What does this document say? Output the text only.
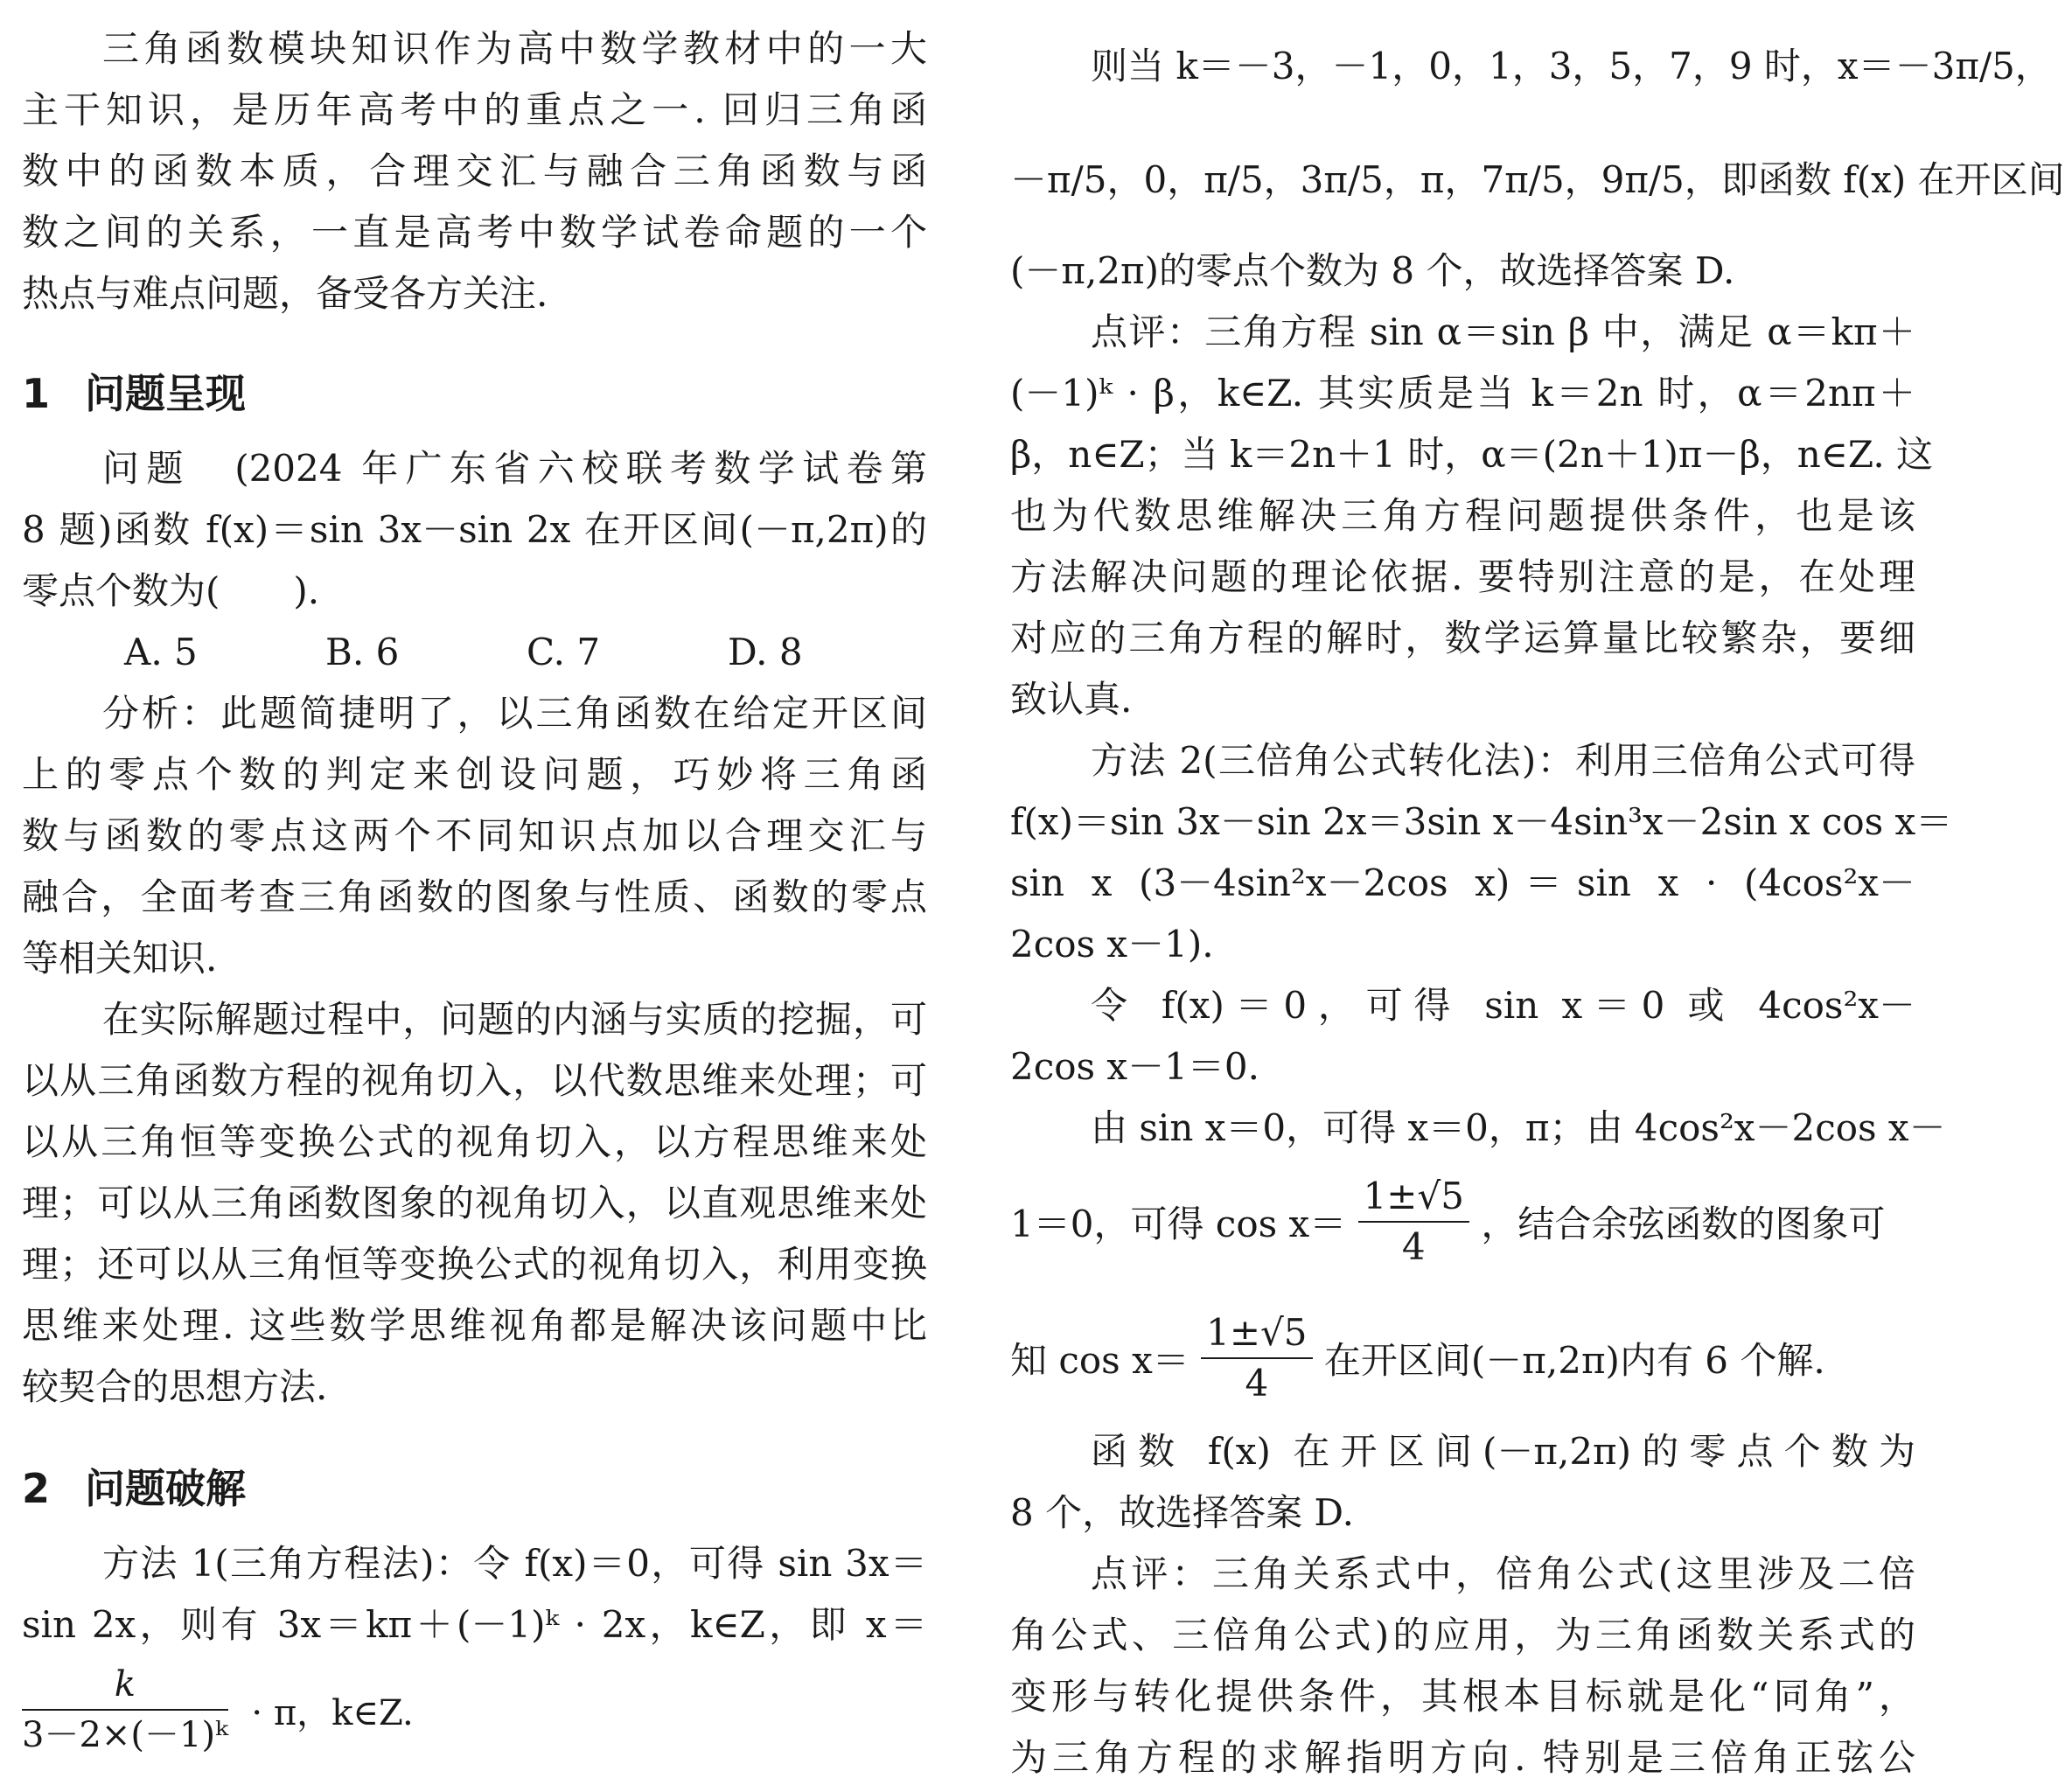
三角函数模块知识作为高中数学教材中的一大
主干知识，是历年高考中的重点之一. 回归三角函
数中的函数本质，合理交汇与融合三角函数与函
数之间的关系，一直是高考中数学试卷命题的一个
热点与难点问题，备受各方关注.
1 问题呈现
问题　(2024 年广东省六校联考数学试卷第
8 题)函数 f(x)＝sin 3x－sin 2x 在开区间(－π,2π)的
零点个数为(　　).
A. 5	B. 6	C. 7	D. 8
分析：此题简捷明了，以三角函数在给定开区间
上的零点个数的判定来创设问题，巧妙将三角函
数与函数的零点这两个不同知识点加以合理交汇与
融合，全面考查三角函数的图象与性质、函数的零点
等相关知识.
在实际解题过程中，问题的内涵与实质的挖掘，可
以从三角函数方程的视角切入，以代数思维来处理；可
以从三角恒等变换公式的视角切入，以方程思维来处
理；可以从三角函数图象的视角切入，以直观思维来处
理；还可以从三角恒等变换公式的视角切入，利用变换
思维来处理. 这些数学思维视角都是解决该问题中比
较契合的思想方法.
2 问题破解
方法 1(三角方程法)：令 f(x)＝0，可得 sin 3x＝
sin 2x，则有 3x＝kπ＋(－1)ᵏ · 2x，k∈Z，即 x＝
$\frac{k}{\text{3－2×(－1)ᵏ}} \cdot \pi$，k∈Z.
则当 k＝－3，－1，0，1，3，5，7，9 时，x＝－3π/5，
－π/5，0，π/5，3π/5，π，7π/5，9π/5，即函数 f(x) 在开区间
(－π,2π)的零点个数为 8 个，故选择答案 D.
点评：三角方程 sin α＝sin β 中，满足 α＝kπ＋
(－1)ᵏ · β，k∈Z. 其实质是当 k＝2n 时，α＝2nπ＋
β，n∈Z；当 k＝2n＋1 时，α＝(2n＋1)π－β，n∈Z. 这
也为代数思维解决三角方程问题提供条件，也是该
方法解决问题的理论依据. 要特别注意的是，在处理
对应的三角方程的解时，数学运算量比较繁杂，要细
致认真.
方法 2(三倍角公式转化法)：利用三倍角公式可得
f(x)＝sin 3x－sin 2x＝3sin x－4sin³x－2sin x cos x＝
sin x (3－4sin²x－2cos x)＝sin x · (4cos²x－
2cos x－1).
令 f(x)＝0，可得 sin x＝0 或 4cos²x－
2cos x－1＝0.
由 sin x＝0，可得 x＝0，π；由 4cos²x－2cos x－
1＝0，可得 $\cos x= \frac{1\pm√5}{4}$ ，结合余弦函数的图象可
知 $\cos x= \frac{1\pm√5}{4}$ 在开区间(－π,2π)内有 6 个解.
函数 f(x) 在开区间(－π,2π)的零点个数为
8 个，故选择答案 D.
点评：三角关系式中，倍角公式(这里涉及二倍
角公式、三倍角公式)的应用，为三角函数关系式的
变形与转化提供条件，其根本目标就是化“同角”，
为三角方程的求解指明方向. 特别是三倍角正弦公
